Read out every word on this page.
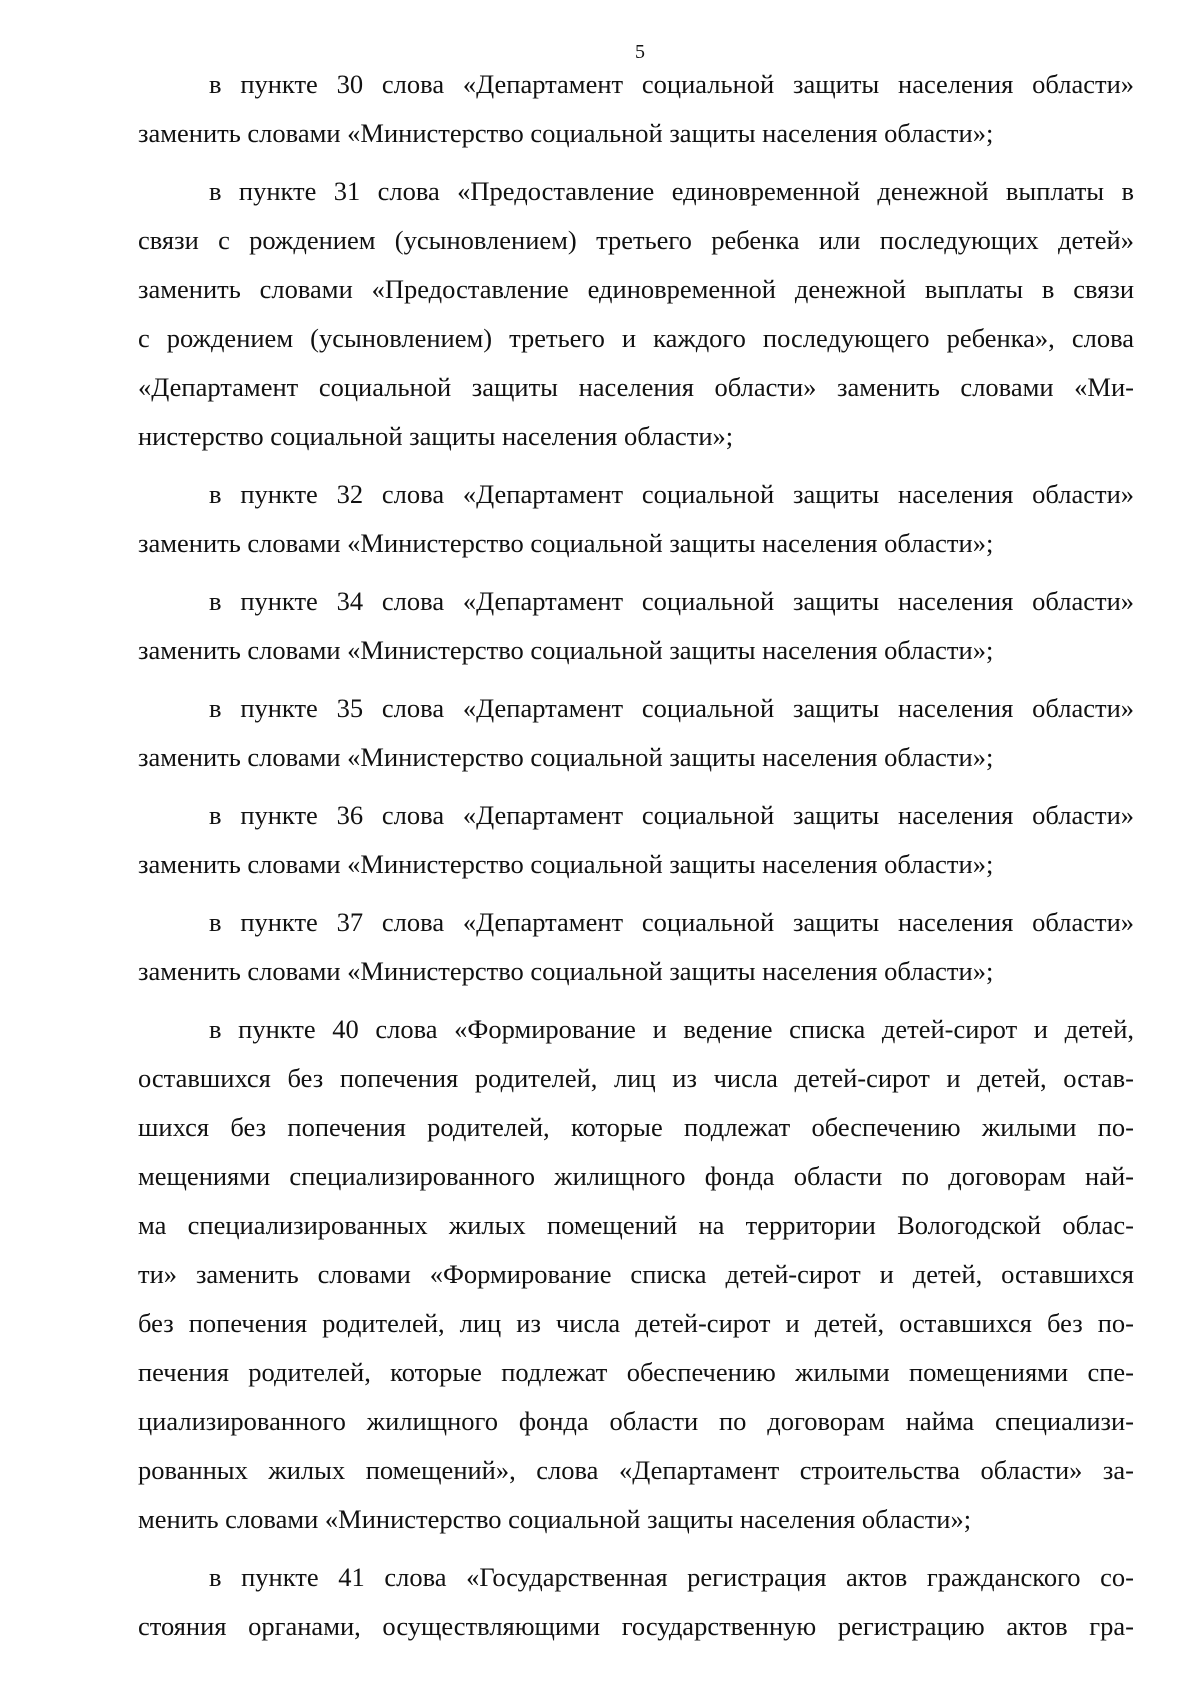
5
в пункте 30 слова «Департамент социальной защиты населения области»
заменить словами «Министерство социальной защиты населения области»;
в пункте 31 слова «Предоставление единовременной денежной выплаты в
связи с рождением (усыновлением) третьего ребенка или последующих детей»
заменить словами «Предоставление единовременной денежной выплаты в связи
с рождением (усыновлением) третьего и каждого последующего ребенка», слова
«Департамент социальной защиты населения области» заменить словами «Ми-
нистерство социальной защиты населения области»;
в пункте 32 слова «Департамент социальной защиты населения области»
заменить словами «Министерство социальной защиты населения области»;
в пункте 34 слова «Департамент социальной защиты населения области»
заменить словами «Министерство социальной защиты населения области»;
в пункте 35 слова «Департамент социальной защиты населения области»
заменить словами «Министерство социальной защиты населения области»;
в пункте 36 слова «Департамент социальной защиты населения области»
заменить словами «Министерство социальной защиты населения области»;
в пункте 37 слова «Департамент социальной защиты населения области»
заменить словами «Министерство социальной защиты населения области»;
в пункте 40 слова «Формирование и ведение списка детей-сирот и детей,
оставшихся без попечения родителей, лиц из числа детей-сирот и детей, остав-
шихся без попечения родителей, которые подлежат обеспечению жилыми по-
мещениями специализированного жилищного фонда области по договорам най-
ма специализированных жилых помещений на территории Вологодской облас-
ти» заменить словами «Формирование списка детей-сирот и детей, оставшихся
без попечения родителей, лиц из числа детей-сирот и детей, оставшихся без по-
печения родителей, которые подлежат обеспечению жилыми помещениями спе-
циализированного жилищного фонда области по договорам найма специализи-
рованных жилых помещений», слова «Департамент строительства области» за-
менить словами «Министерство социальной защиты населения области»;
в пункте 41 слова «Государственная регистрация актов гражданского со-
стояния органами, осуществляющими государственную регистрацию актов гра-
